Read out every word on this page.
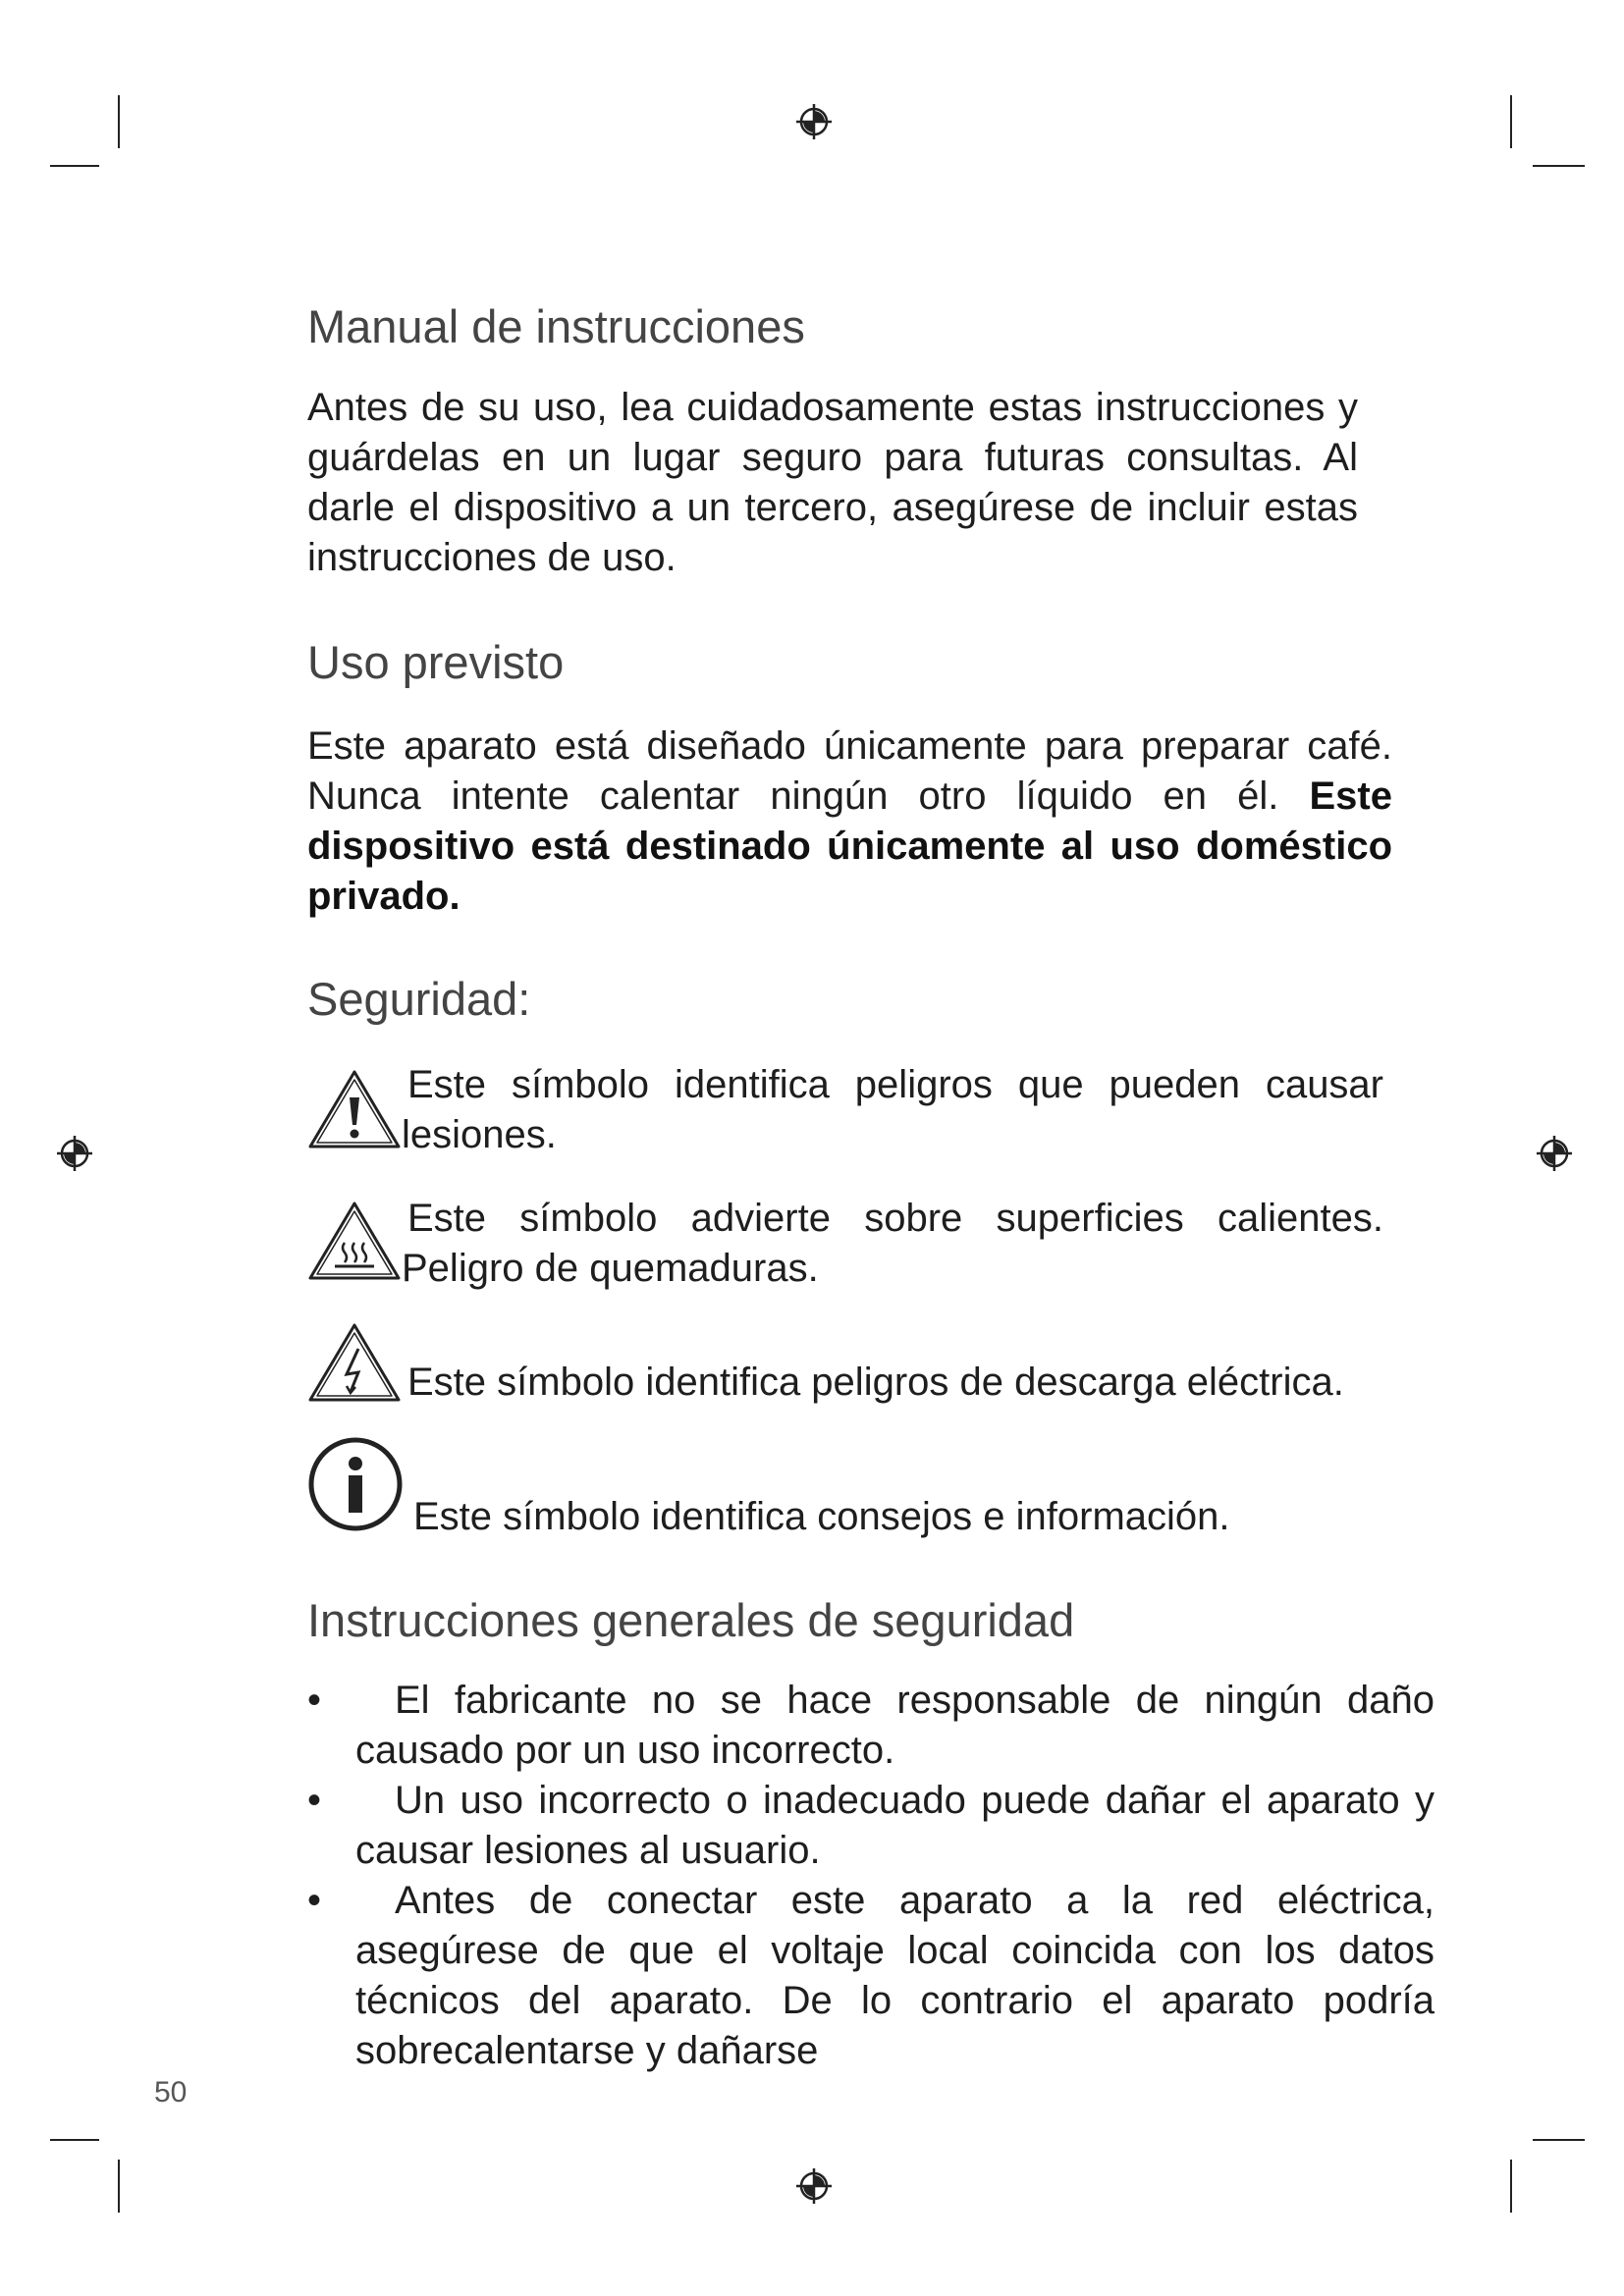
Manual de instrucciones

Antes de su uso, lea cuidadosamente estas instrucciones y guárdelas en un lugar seguro para futuras consultas. Al darle el dispositivo a un tercero, asegúrese de incluir estas instrucciones de uso.

Uso previsto

Este aparato está diseñado únicamente para preparar café. Nunca intente calentar ningún otro líquido en él. Este dispositivo está destinado únicamente al uso doméstico privado.

Seguridad:

Este símbolo identifica peligros que pueden causar lesiones.

Este símbolo advierte sobre superficies calientes. Peligro de quemaduras.

Este símbolo identifica peligros de descarga eléctrica.

Este símbolo identifica consejos e información.

Instrucciones generales de seguridad

• El fabricante no se hace responsable de ningún daño causado por un uso incorrecto.

• Un uso incorrecto o inadecuado puede dañar el aparato y causar lesiones al usuario.

• Antes de conectar este aparato a la red eléctrica, asegúrese de que el voltaje local coincida con los datos técnicos del aparato. De lo contrario el aparato podría sobrecalentarse y dañarse

50
